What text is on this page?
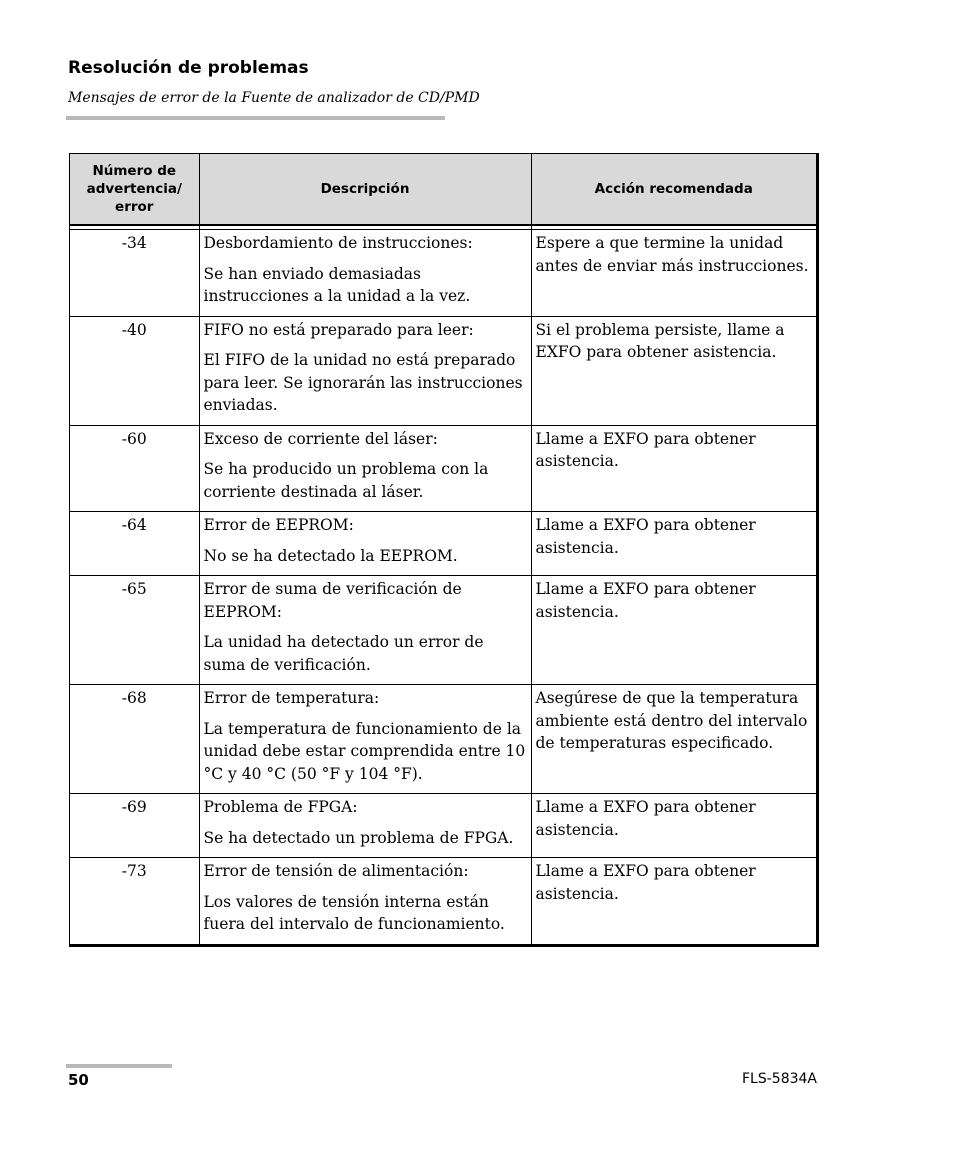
Resolución de problemas
Mensajes de error de la Fuente de analizador de CD/PMD
Número de advertencia/ error	Descripción	Acción recomendada

-34	Desbordamiento de instrucciones:
Se han enviado demasiadas instrucciones a la unidad a la vez.	Espere a que termine la unidad antes de enviar más instrucciones.
-40	FIFO no está preparado para leer:
El FIFO de la unidad no está preparado para leer. Se ignorarán las instrucciones enviadas.	Si el problema persiste, llame a EXFO para obtener asistencia.
-60	Exceso de corriente del láser:
Se ha producido un problema con la corriente destinada al láser.	Llame a EXFO para obtener asistencia.
-64	Error de EEPROM:
No se ha detectado la EEPROM.	Llame a EXFO para obtener asistencia.
-65	Error de suma de verificación de EEPROM:
La unidad ha detectado un error de suma de verificación.	Llame a EXFO para obtener asistencia.
-68	Error de temperatura:
La temperatura de funcionamiento de la unidad debe estar comprendida entre 10 °C y 40 °C (50 °F y 104 °F).	Asegúrese de que la temperatura ambiente está dentro del intervalo de temperaturas especificado.
-69	Problema de FPGA:
Se ha detectado un problema de FPGA.	Llame a EXFO para obtener asistencia.
-73	Error de tensión de alimentación:
Los valores de tensión interna están fuera del intervalo de funcionamiento.	Llame a EXFO para obtener asistencia.
50	FLS-5834A
